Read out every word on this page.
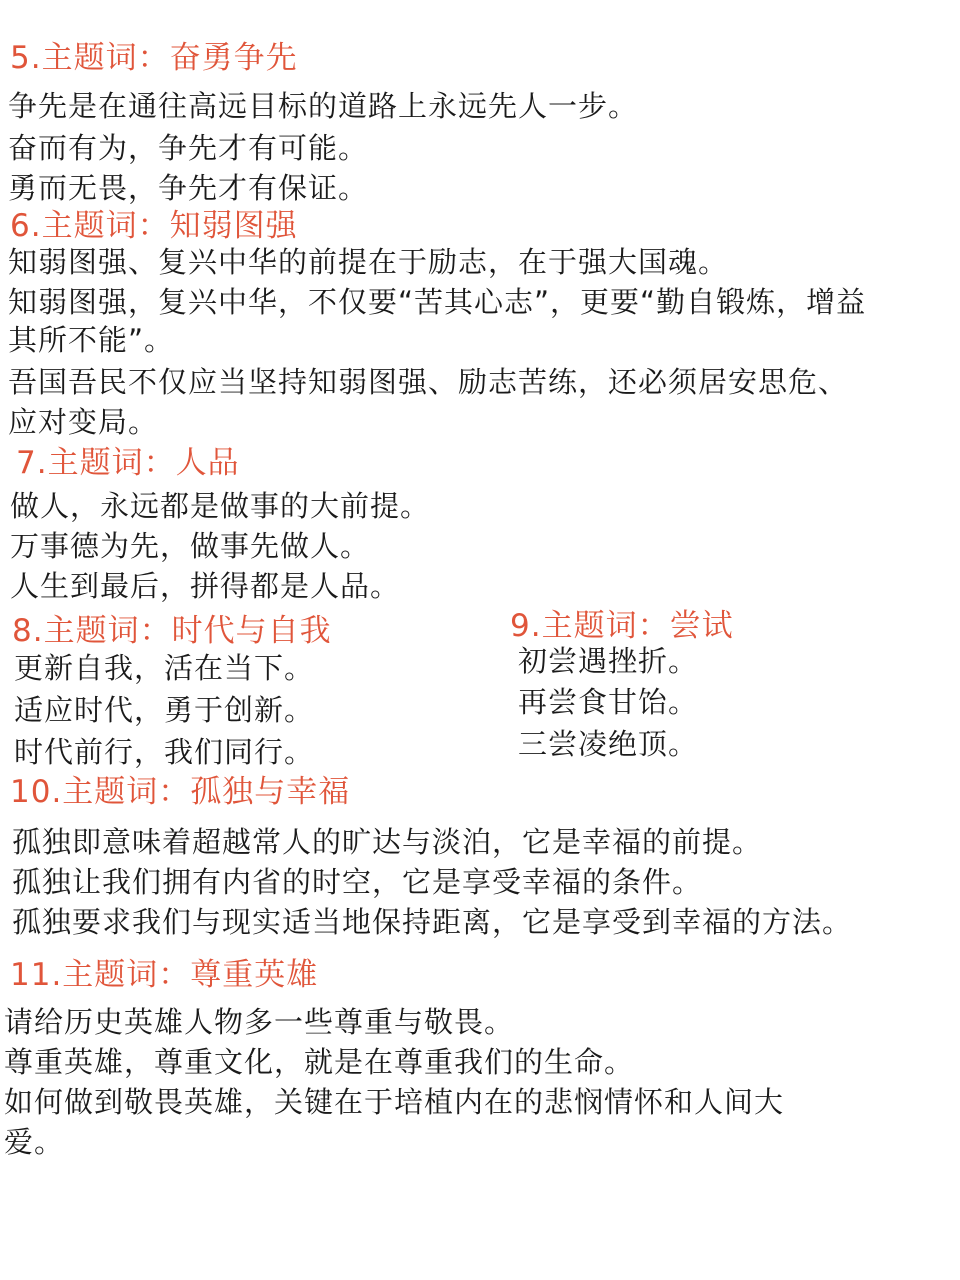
5.主题词：奋勇争先
争先是在通往高远目标的道路上永远先人一步。
奋而有为，争先才有可能。
勇而无畏，争先才有保证。
6.主题词：知弱图强
知弱图强、复兴中华的前提在于励志，在于强大国魂。
知弱图强，复兴中华，不仅要“苦其心志”，更要“勤自锻炼，增益
其所不能”。
吾国吾民不仅应当坚持知弱图强、励志苦练，还必须居安思危、
应对变局。
7.主题词：人品
做人，永远都是做事的大前提。
万事德为先，做事先做人。
人生到最后，拼得都是人品。
8.主题词：时代与自我
更新自我，活在当下。
适应时代，勇于创新。
时代前行，我们同行。
9.主题词：尝试
初尝遇挫折。
再尝食甘饴。
三尝凌绝顶。
10.主题词：孤独与幸福
孤独即意味着超越常人的旷达与淡泊，它是幸福的前提。
孤独让我们拥有内省的时空，它是享受幸福的条件。
孤独要求我们与现实适当地保持距离，它是享受到幸福的方法。
11.主题词：尊重英雄
请给历史英雄人物多一些尊重与敬畏。
尊重英雄，尊重文化，就是在尊重我们的生命。
如何做到敬畏英雄，关键在于培植内在的悲悯情怀和人间大
爱。
